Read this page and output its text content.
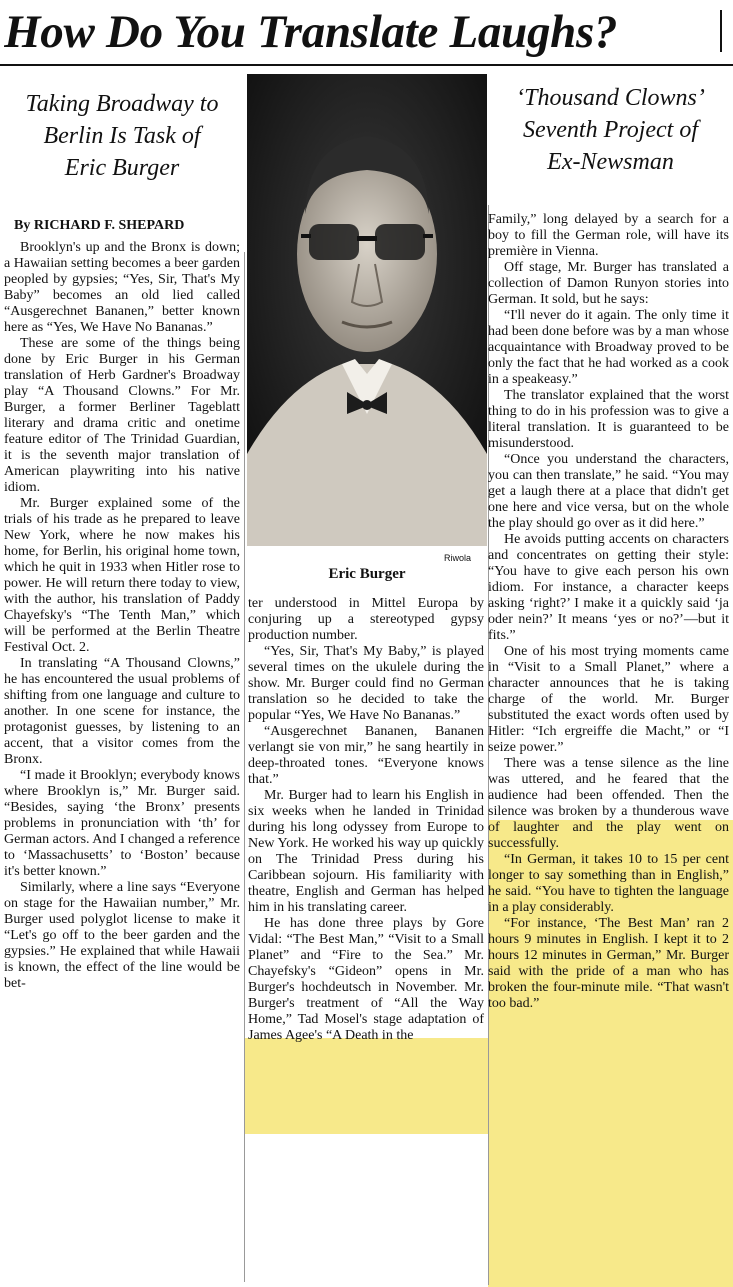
How Do You Translate Laughs?
Taking Broadway to
Berlin Is Task of
Eric Burger
‘Thousand Clowns’
Seventh Project of
Ex-Newsman
By RICHARD F. SHEPARD
Riwola
Eric Burger

Brooklyn's up and the Bronx is down; a Hawaiian setting becomes a beer garden peopled by gypsies; “Yes, Sir, That's My Baby” becomes an old lied called “Ausgerechnet Bananen,” better known here as “Yes, We Have No Bananas.”

These are some of the things being done by Eric Burger in his German translation of Herb Gardner's Broadway play “A Thousand Clowns.” For Mr. Burger, a former Berliner Tageblatt literary and drama critic and onetime feature editor of The Trinidad Guardian, it is the seventh major translation of American playwriting into his native idiom.

Mr. Burger explained some of the trials of his trade as he prepared to leave New York, where he now makes his home, for Berlin, his original home town, which he quit in 1933 when Hitler rose to power. He will return there today to view, with the author, his translation of Paddy Chayefsky's “The Tenth Man,” which will be performed at the Berlin Theatre Festival Oct. 2.

In translating “A Thousand Clowns,” he has encountered the usual problems of shifting from one language and culture to another. In one scene for instance, the protagonist guesses, by listening to an accent, that a visitor comes from the Bronx.

“I made it Brooklyn; everybody knows where Brooklyn is,” Mr. Burger said. “Besides, saying ‘the Bronx’ presents problems in pronunciation with ‘th’ for German actors. And I changed a reference to ‘Massachusetts’ to ‘Boston’ because it's better known.”

Similarly, where a line says “Everyone on stage for the Hawaiian number,” Mr. Burger used polyglot license to make it “Let's go off to the beer garden and the gypsies.” He explained that while Hawaii is known, the effect of the line would be bet-

ter understood in Mittel Europa by conjuring up a stereotyped gypsy production number.

“Yes, Sir, That's My Baby,” is played several times on the ukulele during the show. Mr. Burger could find no German translation so he decided to take the popular “Yes, We Have No Bananas.”

“Ausgerechnet Bananen, Bananen verlangt sie von mir,” he sang heartily in deep-throated tones. “Everyone knows that.”

Mr. Burger had to learn his English in six weeks when he landed in Trinidad during his long odyssey from Europe to New York. He worked his way up quickly on The Trinidad Press during his Caribbean sojourn. His familiarity with theatre, English and German has helped him in his translating career.

He has done three plays by Gore Vidal: “The Best Man,” “Visit to a Small Planet” and “Fire to the Sea.” Mr. Chayefsky's “Gideon” opens in Mr. Burger's hochdeutsch in November. Mr. Burger's treatment of “All the Way Home,” Tad Mosel's stage adaptation of James Agee's “A Death in the

Family,” long delayed by a search for a boy to fill the German role, will have its première in Vienna.

Off stage, Mr. Burger has translated a collection of Damon Runyon stories into German. It sold, but he says:

“I'll never do it again. The only time it had been done before was by a man whose acquaintance with Broadway proved to be only the fact that he had worked as a cook in a speakeasy.”

The translator explained that the worst thing to do in his profession was to give a literal translation. It is guaranteed to be misunderstood.

“Once you understand the characters, you can then translate,” he said. “You may get a laugh there at a place that didn't get one here and vice versa, but on the whole the play should go over as it did here.”

He avoids putting accents on characters and concentrates on getting their style: “You have to give each person his own idiom. For instance, a character keeps asking ‘right?’ I make it a quickly said ‘ja oder nein?’ It means ‘yes or no?’—but it fits.”

One of his most trying moments came in “Visit to a Small Planet,” where a character announces that he is taking charge of the world. Mr. Burger substituted the exact words often used by Hitler: “Ich ergreiffe die Macht,” or “I seize power.”

There was a tense silence as the line was uttered, and he feared that the audience had been offended. Then the silence was broken by a thunderous wave of laughter and the play went on successfully.

“In German, it takes 10 to 15 per cent longer to say something than in English,” he said. “You have to tighten the language in a play considerably.

“For instance, ‘The Best Man’ ran 2 hours 9 minutes in English. I kept it to 2 hours 12 minutes in German,” Mr. Burger said with the pride of a man who has broken the four-minute mile. “That wasn't too bad.”
